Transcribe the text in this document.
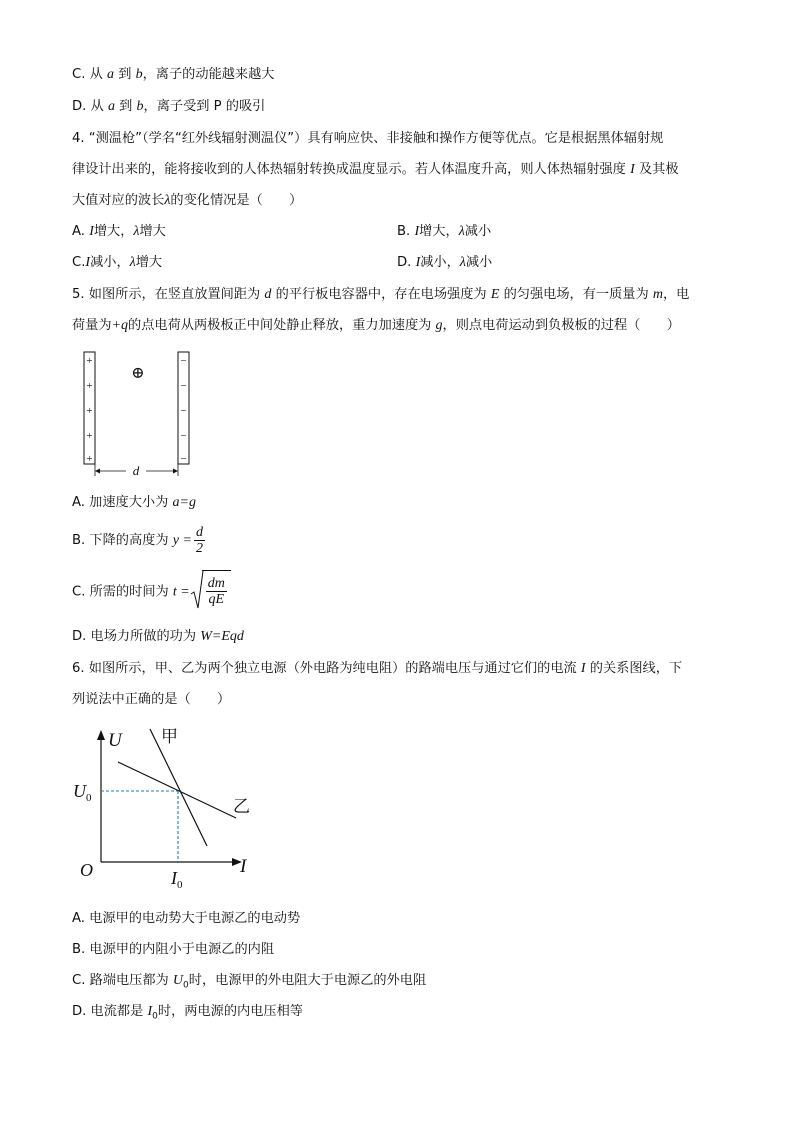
C. 从 a 到 b，离子的动能越来越大
D. 从 a 到 b，离子受到 P 的吸引
4. “测温枪”（学名“红外线辐射测温仪”）具有响应快、非接触和操作方便等优点。它是根据黑体辐射规
律设计出来的，能将接收到的人体热辐射转换成温度显示。若人体温度升高，则人体热辐射强度 I 及其极
大值对应的波长λ的变化情况是（　　）
A. I增大，λ增大	B. I增大，λ减小
C.I减小，λ增大	D. I减小，λ减小
5. 如图所示，在竖直放置间距为 d 的平行板电容器中，存在电场强度为 E 的匀强电场，有一质量为 m，电
荷量为+q的点电荷从两极板正中间处静止释放，重力加速度为 g，则点电荷运动到负极板的过程（　　）
+
+
+
+
+
−
−
−
−
−
⊕
d
A. 加速度大小为 a=g
B. 下降的高度为 $y = \frac{d}{2}$
C. 所需的时间为 $t = \frac{dm}{qE}$
D. 电场力所做的功为 W=Eqd
6. 如图所示，甲、乙为两个独立电源（外电路为纯电阻）的路端电压与通过它们的电流 I 的关系图线，下
列说法中正确的是（　　）
U
I
O
甲
乙
$U_0$
$I_0$
A. 电源甲的电动势大于电源乙的电动势
B. 电源甲的内阻小于电源乙的内阻
C. 路端电压都为 $U_0$时，电源甲的外电阻大于电源乙的外电阻
D. 电流都是 $I_0$时，两电源的内电压相等
